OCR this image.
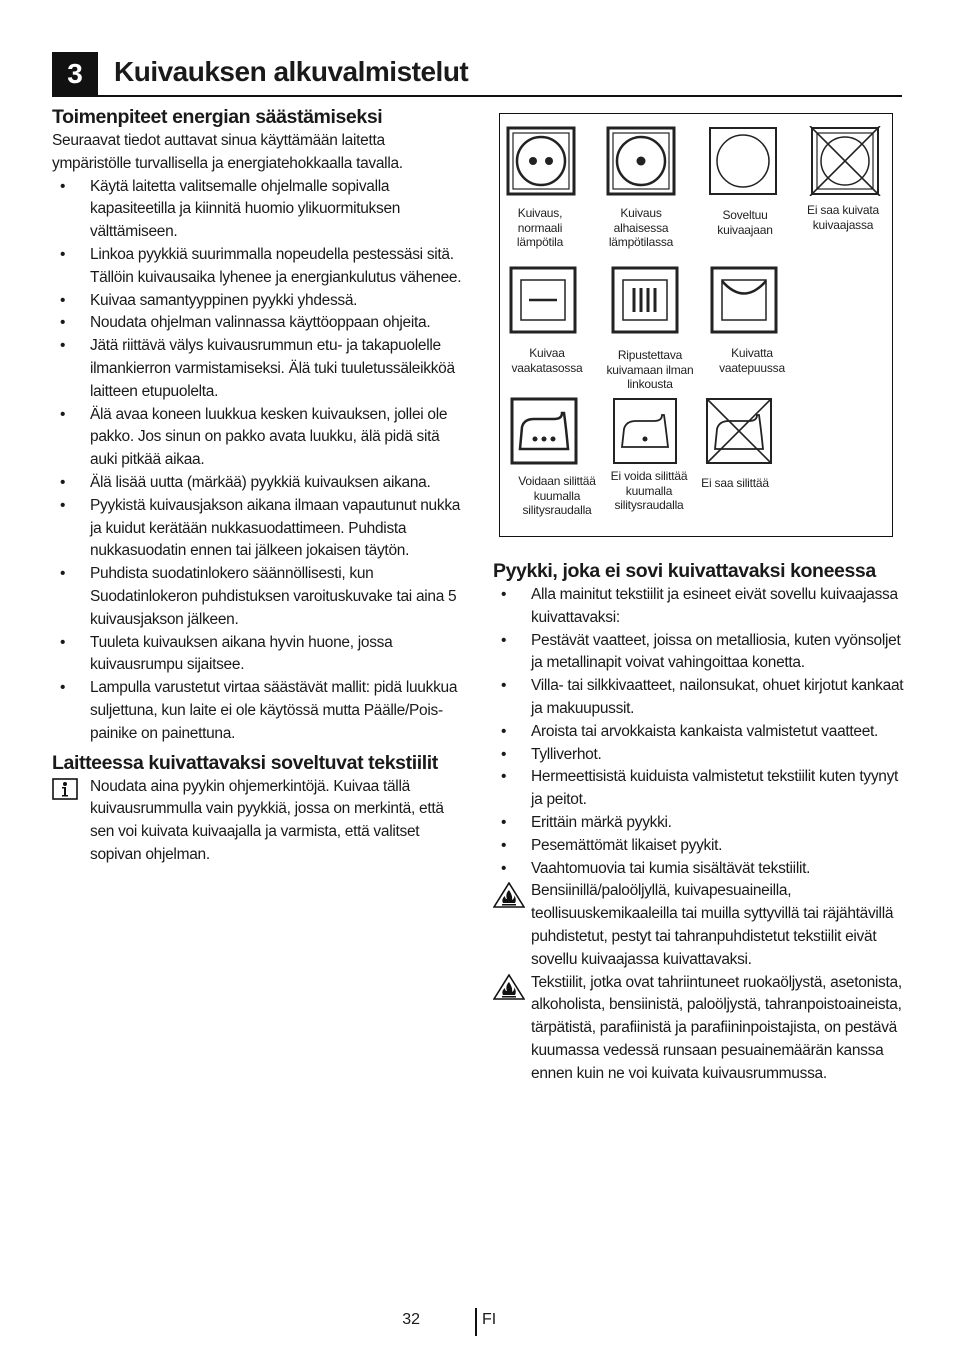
3	Kuivauksen alkuvalmistelut
Toimenpiteet energian säästämiseksi

Seuraavat tiedot auttavat sinua käyttämään laitetta ympäristölle turvallisella ja energiatehokkaalla tavalla.

• Käytä laitetta valitsemalle ohjelmalle sopivalla kapasiteetilla ja kiinnitä huomio ylikuormituksen välttämiseen.
• Linkoa pyykkiä suurimmalla nopeudella pestessäsi sitä. Tällöin kuivausaika lyhenee ja energiankulutus vähenee.
• Kuivaa samantyyppinen pyykki yhdessä.
• Noudata ohjelman valinnassa käyttöoppaan ohjeita.
• Jätä riittävä välys kuivausrummun etu- ja takapuolelle ilmankierron varmistamiseksi. Älä tuki tuuletussäleikköä laitteen etupuolelta.
• Älä avaa koneen luukkua kesken kuivauksen, jollei ole pakko. Jos sinun on pakko avata luukku, älä pidä sitä auki pitkää aikaa.
• Älä lisää uutta (märkää) pyykkiä kuivauksen aikana.
• Pyykistä kuivausjakson aikana ilmaan vapautunut nukka ja kuidut kerätään nukkasuodattimeen. Puhdista nukkasuodatin ennen tai jälkeen jokaisen täytön.
• Puhdista suodatinlokero säännöllisesti, kun Suodatinlokeron puhdistuksen varoituskuvake tai aina 5 kuivausjakson jälkeen.
• Tuuleta kuivauksen aikana hyvin huone, jossa kuivausrumpu sijaitsee.
• Lampulla varustetut virtaa säästävät mallit: pidä luukkua suljettuna, kun laite ei ole käytössä mutta Päälle/Pois-painike on painettuna.
Laitteessa kuivattavaksi soveltuvat tekstiilit
Noudata aina pyykin ohjemerkintöjä. Kuivaa tällä kuivausrummulla vain pyykkiä, jossa on merkintä, että sen voi kuivata kuivaajalla ja varmista, että valitset sopivan ohjelman.
Kuivaus, normaali lämpötila
Kuivaus alhaisessa lämpötilassa
Soveltuu kuivaajaan
Ei saa kuivata kuivaajassa
Kuivaa vaakatasossa
Ripustettava kuivamaan ilman linkousta
Kuivatta vaatepuussa
Voidaan silittää kuumalla silitysraudalla
Ei voida silittää kuumalla silitysraudalla
Ei saa silittää
Pyykki, joka ei sovi kuivattavaksi koneessa
• Alla mainitut tekstiilit ja esineet eivät sovellu kuivaajassa kuivattavaksi:
• Pestävät vaatteet, joissa on metalliosia, kuten vyönsoljet ja metallinapit voivat vahingoittaa konetta.
• Villa- tai silkkivaatteet, nailonsukat, ohuet kirjotut kankaat ja makuupussit.
• Aroista tai arvokkaista kankaista valmistetut vaatteet.
• Tylliverhot.
• Hermeettisistä kuiduista valmistetut tekstiilit kuten tyynyt ja peitot.
• Erittäin märkä pyykki.
• Pesemättömät likaiset pyykit.
• Vaahtomuovia tai kumia sisältävät tekstiilit.
Bensiinillä/paloöljyllä, kuivapesuaineilla, teollisuuskemikaaleilla tai muilla syttyvillä tai räjähtävillä puhdistetut, pestyt tai tahranpuhdistetut tekstiilit eivät sovellu kuivaajassa kuivattavaksi.
Tekstiilit, jotka ovat tahriintuneet ruokaöljystä, asetonista, alkoholista, bensiinistä, paloöljystä, tahranpoistoaineista, tärpätistä, parafiinistä ja parafiininpoistajista, on pestävä kuumassa vedessä runsaan pesuainemäärän kanssa ennen kuin ne voi kuivata kuivausrummussa.
32	FI
